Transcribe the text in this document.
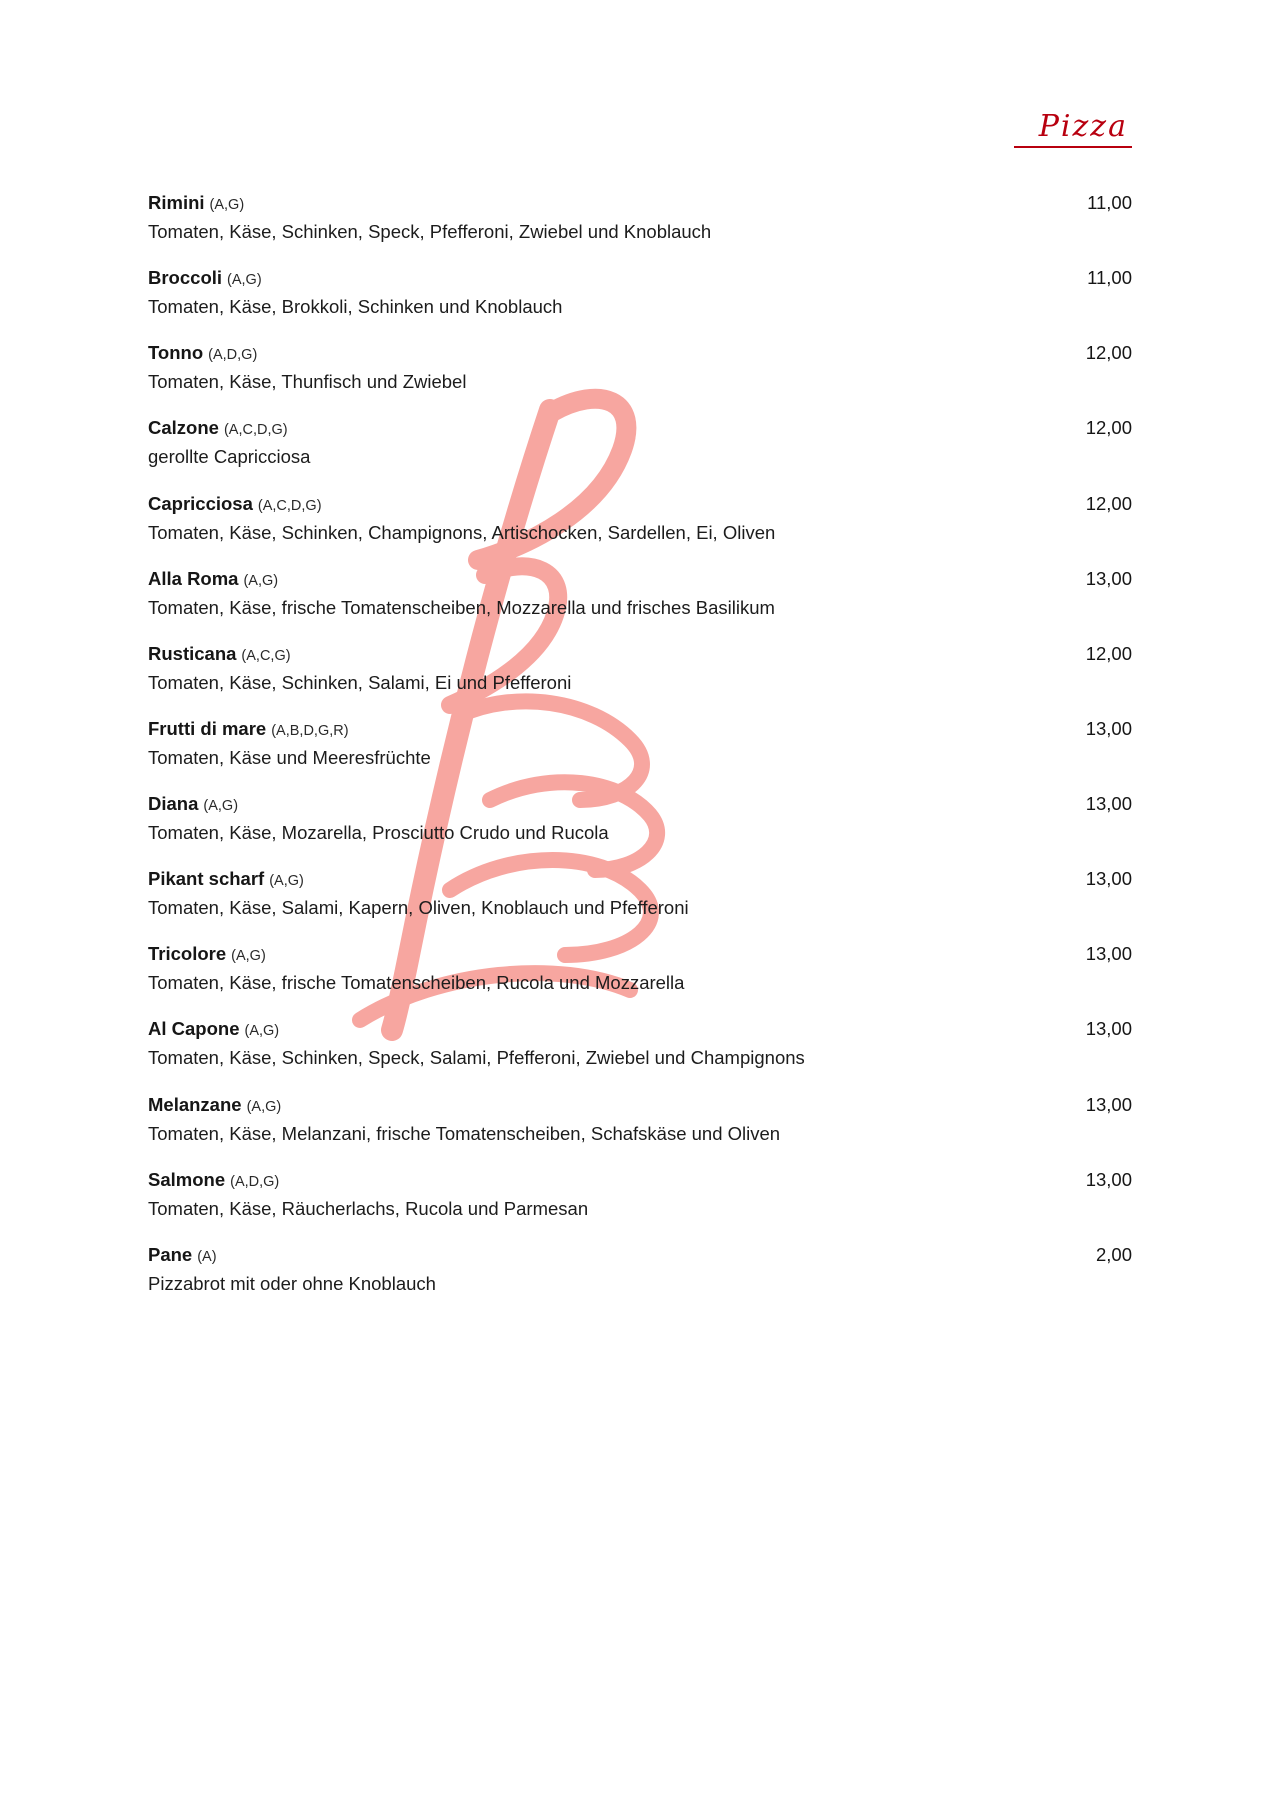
Pizza
Rimini (A,G)	11,00
Tomaten, Käse, Schinken, Speck, Pfefferoni, Zwiebel und Knoblauch
Broccoli (A,G)	11,00
Tomaten, Käse, Brokkoli, Schinken und Knoblauch
Tonno (A,D,G)	12,00
Tomaten, Käse, Thunfisch und Zwiebel
Calzone (A,C,D,G)	12,00
gerollte Capricciosa
Capricciosa (A,C,D,G)	12,00
Tomaten, Käse, Schinken, Champignons, Artischocken, Sardellen, Ei, Oliven
Alla Roma (A,G)	13,00
Tomaten, Käse, frische Tomatenscheiben, Mozzarella und frisches Basilikum
Rusticana (A,C,G)	12,00
Tomaten, Käse, Schinken, Salami, Ei und Pfefferoni
Frutti di mare (A,B,D,G,R)	13,00
Tomaten, Käse und Meeresfrüchte
Diana (A,G)	13,00
Tomaten, Käse, Mozarella, Prosciutto Crudo und Rucola
Pikant scharf (A,G)	13,00
Tomaten, Käse, Salami, Kapern, Oliven, Knoblauch und Pfefferoni
Tricolore (A,G)	13,00
Tomaten, Käse, frische Tomatenscheiben, Rucola und Mozzarella
Al Capone (A,G)	13,00
Tomaten, Käse, Schinken, Speck, Salami, Pfefferoni, Zwiebel und Champignons
Melanzane (A,G)	13,00
Tomaten, Käse, Melanzani, frische Tomatenscheiben, Schafskäse und Oliven
Salmone (A,D,G)	13,00
Tomaten, Käse, Räucherlachs, Rucola und Parmesan
Pane (A)	2,00
Pizzabrot mit oder ohne Knoblauch
